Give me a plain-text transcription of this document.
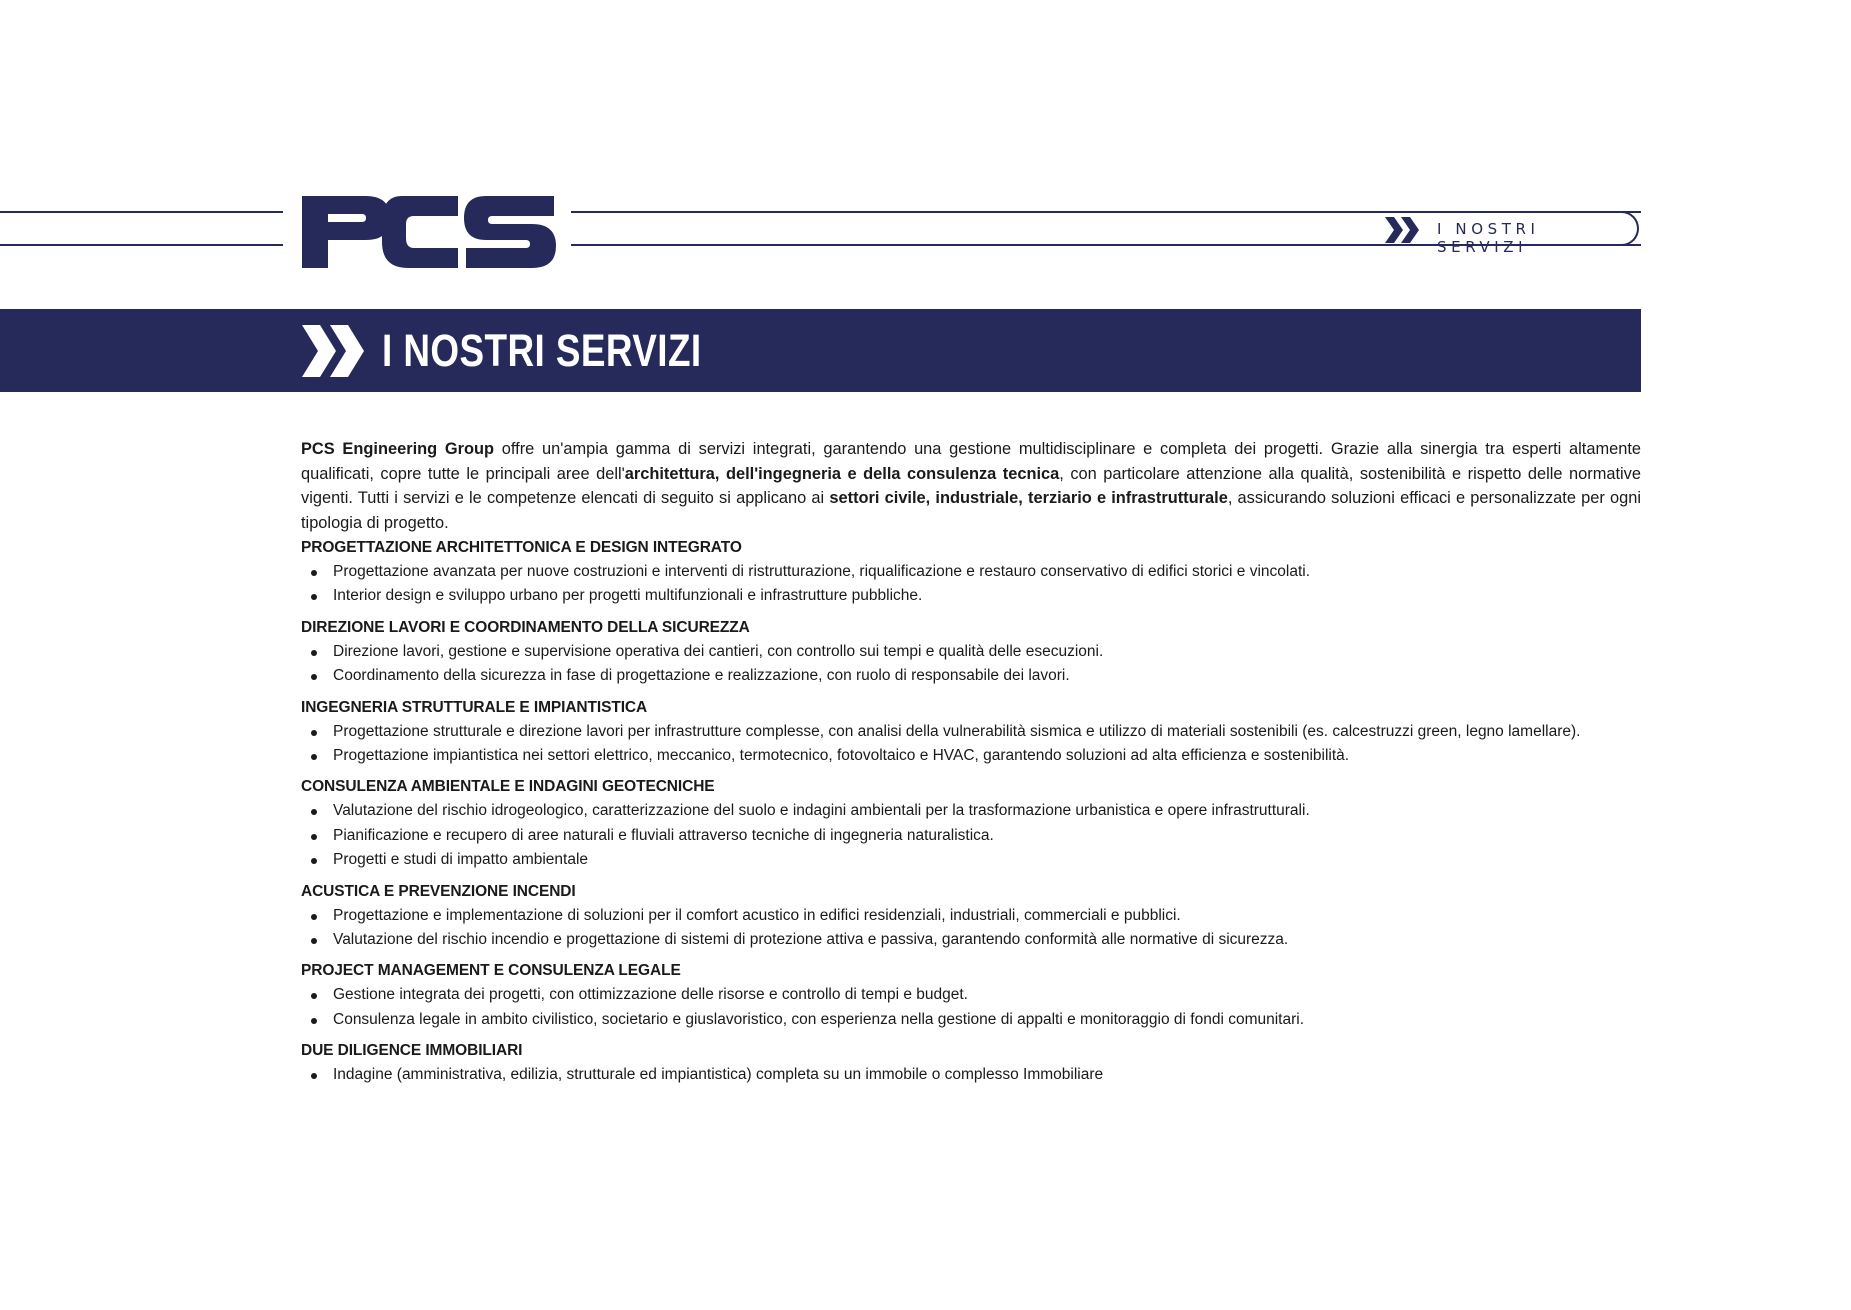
I NOSTRI SERVIZI
I NOSTRI SERVIZI

PCS Engineering Group offre un'ampia gamma di servizi integrati, garantendo una gestione multidisciplinare e completa dei progetti. Grazie alla sinergia tra esperti altamente qualificati, copre tutte le principali aree dell'architettura, dell'ingegneria e della consulenza tecnica, con particolare attenzione alla qualità, sostenibilità e rispetto delle normative vigenti. Tutti i servizi e le competenze elencati di seguito si applicano ai settori civile, industriale, terziario e infrastrutturale, assicurando soluzioni efficaci e personalizzate per ogni tipologia di progetto.

PROGETTAZIONE ARCHITETTONICA E DESIGN INTEGRATO
Progettazione avanzata per nuove costruzioni e interventi di ristrutturazione, riqualificazione e restauro conservativo di edifici storici e vincolati.
Interior design e sviluppo urbano per progetti multifunzionali e infrastrutture pubbliche.
DIREZIONE LAVORI E COORDINAMENTO DELLA SICUREZZA
Direzione lavori, gestione e supervisione operativa dei cantieri, con controllo sui tempi e qualità delle esecuzioni.
Coordinamento della sicurezza in fase di progettazione e realizzazione, con ruolo di responsabile dei lavori.
INGEGNERIA STRUTTURALE E IMPIANTISTICA
Progettazione strutturale e direzione lavori per infrastrutture complesse, con analisi della vulnerabilità sismica e utilizzo di materiali sostenibili (es. calcestruzzi green, legno lamellare).
Progettazione impiantistica nei settori elettrico, meccanico, termotecnico, fotovoltaico e HVAC, garantendo soluzioni ad alta efficienza e sostenibilità.
CONSULENZA AMBIENTALE E INDAGINI GEOTECNICHE
Valutazione del rischio idrogeologico, caratterizzazione del suolo e indagini ambientali per la trasformazione urbanistica e opere infrastrutturali.
Pianificazione e recupero di aree naturali e fluviali attraverso tecniche di ingegneria naturalistica.
Progetti e studi di impatto ambientale
ACUSTICA E PREVENZIONE INCENDI
Progettazione e implementazione di soluzioni per il comfort acustico in edifici residenziali, industriali, commerciali e pubblici.
Valutazione del rischio incendio e progettazione di sistemi di protezione attiva e passiva, garantendo conformità alle normative di sicurezza.
PROJECT MANAGEMENT E CONSULENZA LEGALE
Gestione integrata dei progetti, con ottimizzazione delle risorse e controllo di tempi e budget.
Consulenza legale in ambito civilistico, societario e giuslavoristico, con esperienza nella gestione di appalti e monitoraggio di fondi comunitari.
DUE DILIGENCE IMMOBILIARI
Indagine (amministrativa, edilizia, strutturale ed impiantistica) completa su un immobile o complesso Immobiliare
